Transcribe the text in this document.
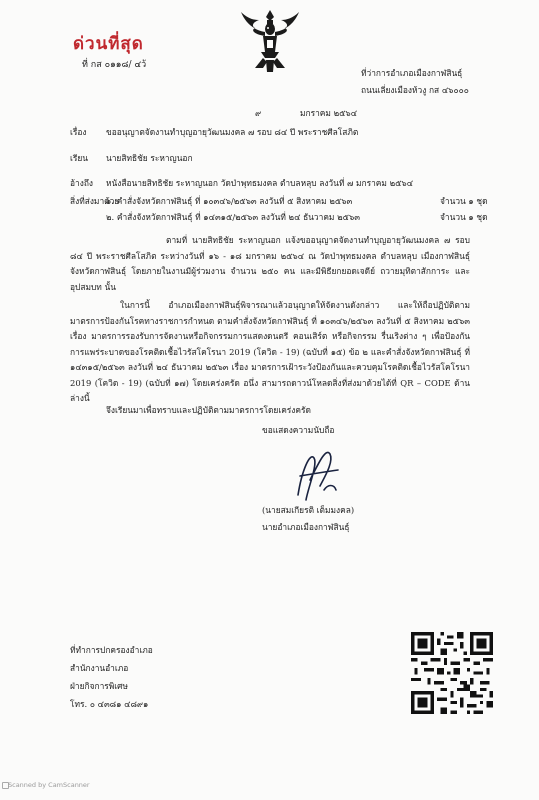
ด่วนที่สุด
ที่ กส ๐๑๑๘/ ๔ว้
ที่ว่าการอำเภอเมืองกาฬสินธุ์
ถนนเลี่ยงเมืองห้วงู กส ๔๖๐๐๐
๙	มกราคม ๒๕๖๔
เรื่อง ขออนุญาตจัดงานทำบุญอายุวัฒนมงคล ๗ รอบ ๘๔ ปี พระราชศีลโสภิต
เรียน นายสิทธิชัย ระหาญนอก
อ้างถึง หนังสือนายสิทธิชัย ระหาญนอก วัดป่าพุทธมงคล ตำบลหลุบ ลงวันที่ ๗ มกราคม ๒๕๖๔
สิ่งที่ส่งมาด้วย
๑. คำสั่งจังหวัดกาฬสินธุ์ ที่ ๑๐๓๔๖/๒๕๖๓ ลงวันที่ ๕ สิงหาคม ๒๕๖๓	จำนวน ๑ ชุด
๒. คำสั่งจังหวัดกาฬสินธุ์ ที่ ๑๔๓๑๕/๒๕๖๓ ลงวันที่ ๒๔ ธันวาคม ๒๕๖๓	จำนวน ๑ ชุด
ตามที่ นายสิทธิชัย ระหาญนอก แจ้งขออนุญาตจัดงานทำบุญอายุวัฒนมงคล ๗ รอบ ๘๔ ปี พระราชศีลโสภิต ระหว่างวันที่ ๑๖ - ๑๘ มกราคม ๒๕๖๔ ณ วัดป่าพุทธมงคล ตำบลหลุบ เมืองกาฬสินธุ์ จังหวัดกาฬสินธุ์ โดยภายในงานมีผู้ร่วมงาน จำนวน ๒๕๐ คน และมีพิธียกยอดเจดีย์ ถวายมุทิตาสักการะ และอุปสมบท นั้น
ในการนี้ อำเภอเมืองกาฬสินธุ์พิจารณาแล้วอนุญาตให้จัดงานดังกล่าว และให้ถือปฏิบัติตามมาตรการป้องกันโรคทางราชการกำหนด ตามคำสั่งจังหวัดกาฬสินธุ์ ที่ ๑๐๓๔๖/๒๕๖๓ ลงวันที่ ๕ สิงหาคม ๒๕๖๓ เรื่อง มาตรการรองรับการจัดงานหรือกิจกรรมการแสดงดนตรี คอนเสิร์ต หรือกิจกรรม รื่นเริงต่าง ๆ เพื่อป้องกันการแพร่ระบาดของโรคติดเชื้อไวรัสโคโรนา 2019 (โควิด - 19) (ฉบับที่ ๑๕) ข้อ ๒ และคำสั่งจังหวัดกาฬสินธุ์ ที่ ๑๔๓๑๕/๒๕๖๓ ลงวันที่ ๒๔ ธันวาคม ๒๕๖๓ เรื่อง มาตรการเฝ้าระวังป้องกันและควบคุมโรคติดเชื้อไวรัสโคโรนา 2019 (โควิด - 19) (ฉบับที่ ๑๗) โดยเคร่งครัด อนึ่ง สามารถดาวน์โหลดสิ่งที่ส่งมาด้วยได้ที่ QR – CODE ด้านล่างนี้
จึงเรียนมาเพื่อทราบและปฏิบัติตามมาตรการโดยเคร่งครัด
ขอแสดงความนับถือ
(นายสมเกียรติ เต็มมงคล)
นายอำเภอเมืองกาฬสินธุ์
ที่ทำการปกครองอำเภอ
สำนักงานอำเภอ
ฝ่ายกิจการพิเศษ
โทร. ๐ ๔๓๘๑ ๔๘๙๑
Scanned by CamScanner
